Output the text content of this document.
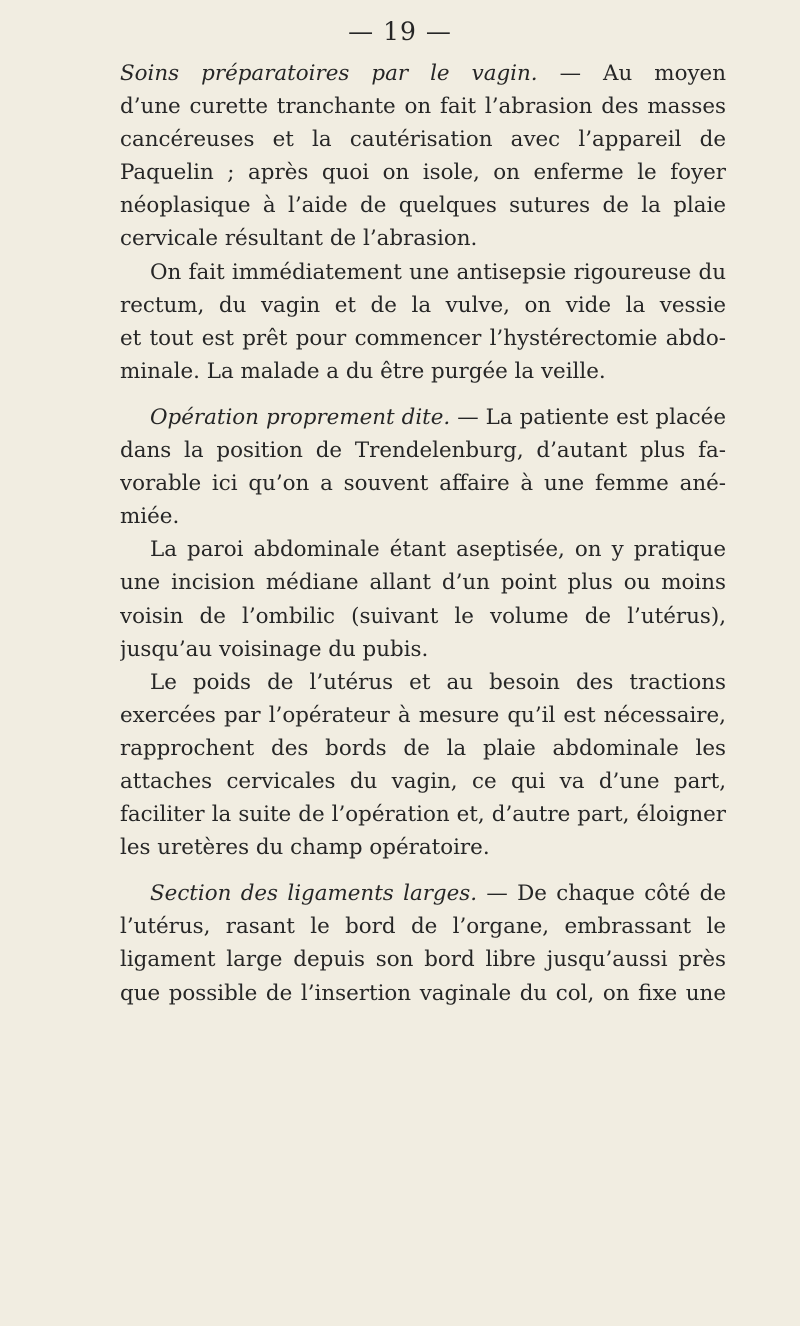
— 19 —
Soins préparatoires par le vagin. — Au moyen
d’une curette tranchante on fait l’abrasion des masses
cancéreuses et la cautérisation avec l’appareil de
Paquelin ; après quoi on isole, on enferme le foyer
néoplasique à l’aide de quelques sutures de la plaie
cervicale résultant de l’abrasion.
On fait immédiatement une antisepsie rigoureuse du
rectum, du vagin et de la vulve, on vide la vessie
et tout est prêt pour commencer l’hystérectomie abdo-
minale. La malade a du être purgée la veille.
Opération proprement dite. — La patiente est placée
dans la position de Trendelenburg, d’autant plus fa-
vorable ici qu’on a souvent affaire à une femme ané-
miée.
La paroi abdominale étant aseptisée, on y pratique
une incision médiane allant d’un point plus ou moins
voisin de l’ombilic (suivant le volume de l’utérus),
jusqu’au voisinage du pubis.
Le poids de l’utérus et au besoin des tractions
exercées par l’opérateur à mesure qu’il est nécessaire,
rapprochent des bords de la plaie abdominale les
attaches cervicales du vagin, ce qui va d’une part,
faciliter la suite de l’opération et, d’autre part, éloigner
les uretères du champ opératoire.
Section des ligaments larges. — De chaque côté de
l’utérus, rasant le bord de l’organe, embrassant le
ligament large depuis son bord libre jusqu’aussi près
que possible de l’insertion vaginale du col, on fixe une
